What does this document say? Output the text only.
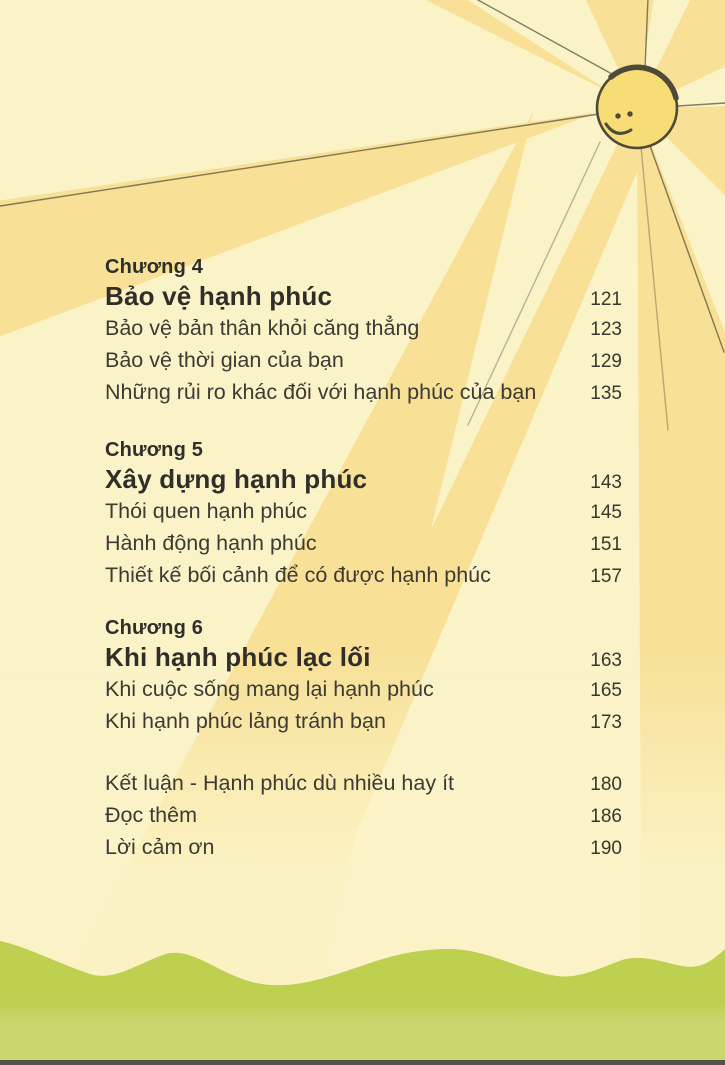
Chương 4
Bảo vệ hạnh phúc	121
Bảo vệ bản thân khỏi căng thẳng	123
Bảo vệ thời gian của bạn	129
Những rủi ro khác đối với hạnh phúc của bạn	135
Chương 5
Xây dựng hạnh phúc	143
Thói quen hạnh phúc	145
Hành động hạnh phúc	151
Thiết kế bối cảnh để có được hạnh phúc	157
Chương 6
Khi hạnh phúc lạc lối	163
Khi cuộc sống mang lại hạnh phúc	165
Khi hạnh phúc lảng tránh bạn	173
Kết luận - Hạnh phúc dù nhiều hay ít	180
Đọc thêm	186
Lời cảm ơn	190
